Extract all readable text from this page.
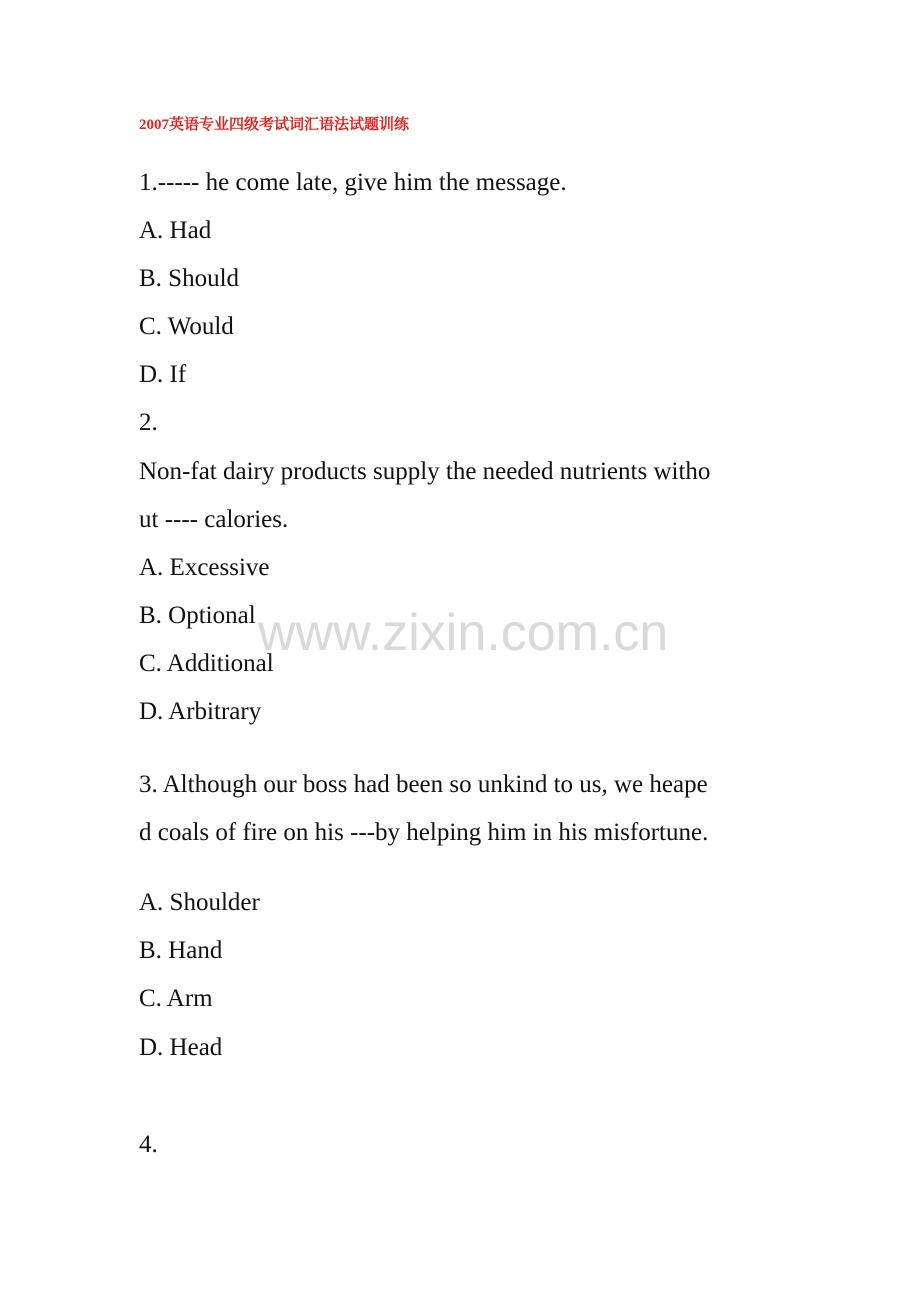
2007英语专业四级考试词汇语法试题训练
1.----- he come late, give him the message.
A. Had
B. Should
C. Would
D. If
2.
Non-fat dairy products supply the needed nutrients witho
ut ---- calories.
A. Excessive
B. Optional
C. Additional
D. Arbitrary
3. Although our boss had been so unkind to us, we heape
d coals of fire on his ---by helping him in his misfortune.
A. Shoulder
B. Hand
C. Arm
D. Head
4.
www.zixin.com.cn
